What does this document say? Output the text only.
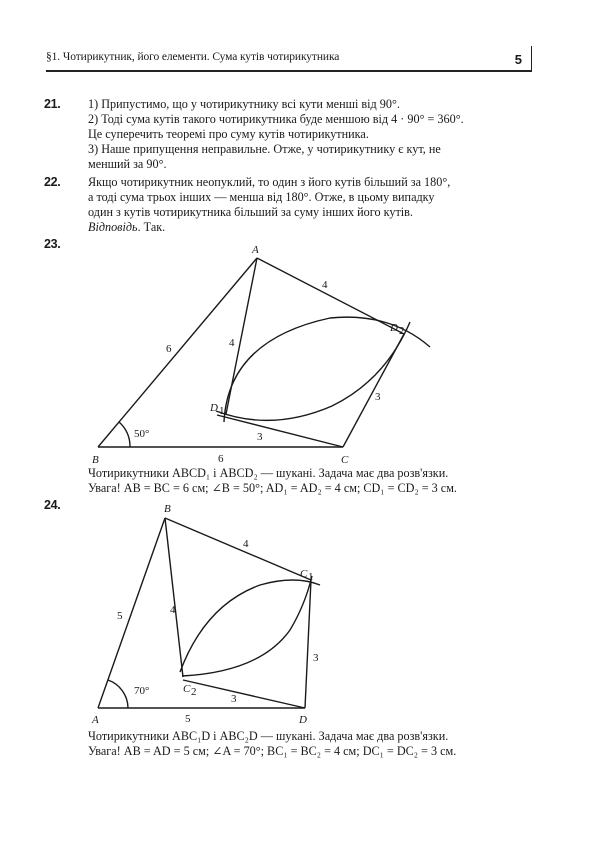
§1. Чотирикутник, його елементи. Сума кутів чотирикутника	5
21. 1) Припустимо, що у чотирикутнику всі кути менші від 90°.
2) Тоді сума кутів такого чотирикутника буде меншою від 4 · 90° = 360°.
Це суперечить теоремі про суму кутів чотирикутника.
3) Наше припущення неправильне. Отже, у чотирикутнику є кут, не
менший за 90°.
22. Якщо чотирикутник неопуклий, то один з його кутів більший за 180°,
а тоді сума трьох інших — менша від 180°. Отже, в цьому випадку
один з кутів чотирикутника більший за суму інших його кутів.
Відповідь. Так.
23.	A
B	C
D 1
D 2
6
6
4
4
3
3
50°
B
A	D
C 1
C 2
5
5
4
4
3
3
70°
Чотирикутники ABCD₁ і ABCD₂ — шукані. Задача має два розв'язки.
Увага! AB = BC = 6 см; ∠B = 50°; AD₁ = AD₂ = 4 см; CD₁ = CD₂ = 3 см.
24.
Чотирикутники ABC₁D і ABC₂D — шукані. Задача має два розв'язки.
Увага! AB = AD = 5 см; ∠A = 70°; BC₁ = BC₂ = 4 см; DC₁ = DC₂ = 3 см.
